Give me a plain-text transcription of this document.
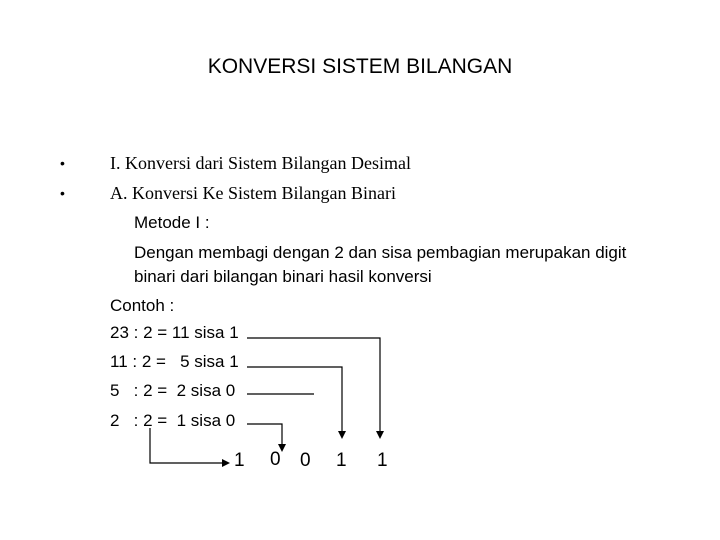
KONVERSI SISTEM BILANGAN
•
•
I. Konversi dari Sistem Bilangan Desimal
A. Konversi Ke Sistem Bilangan Binari
Metode I :
Dengan membagi dengan 2 dan sisa pembagian merupakan digit
binari dari bilangan binari hasil konversi
Contoh :
23 : 2 = 11 sisa 1
11 : 2 =   5 sisa 1
5   : 2 =  2 sisa 0
2   : 2 =  1 sisa 0
1 0 0 1 1
